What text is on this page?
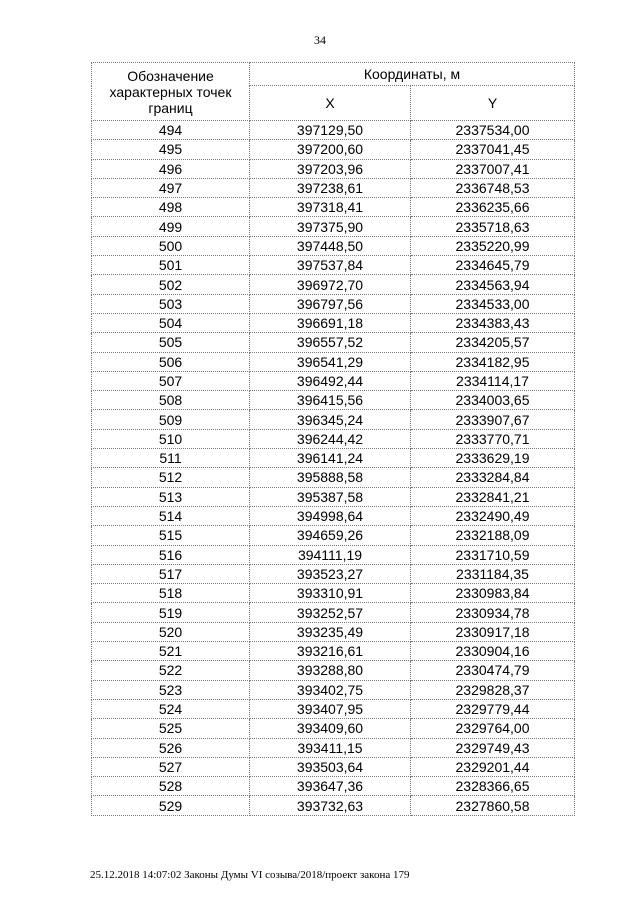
34
Обозначение характерных точек границ	Координаты, м	
	X	Y
494	397129,50	2337534,00
495	397200,60	2337041,45
496	397203,96	2337007,41
497	397238,61	2336748,53
498	397318,41	2336235,66
499	397375,90	2335718,63
500	397448,50	2335220,99
501	397537,84	2334645,79
502	396972,70	2334563,94
503	396797,56	2334533,00
504	396691,18	2334383,43
505	396557,52	2334205,57
506	396541,29	2334182,95
507	396492,44	2334114,17
508	396415,56	2334003,65
509	396345,24	2333907,67
510	396244,42	2333770,71
511	396141,24	2333629,19
512	395888,58	2333284,84
513	395387,58	2332841,21
514	394998,64	2332490,49
515	394659,26	2332188,09
516	394111,19	2331710,59
517	393523,27	2331184,35
518	393310,91	2330983,84
519	393252,57	2330934,78
520	393235,49	2330917,18
521	393216,61	2330904,16
522	393288,80	2330474,79
523	393402,75	2329828,37
524	393407,95	2329779,44
525	393409,60	2329764,00
526	393411,15	2329749,43
527	393503,64	2329201,44
528	393647,36	2328366,65
529	393732,63	2327860,58
25.12.2018 14:07:02 Законы Думы VI созыва/2018/проект закона 179
